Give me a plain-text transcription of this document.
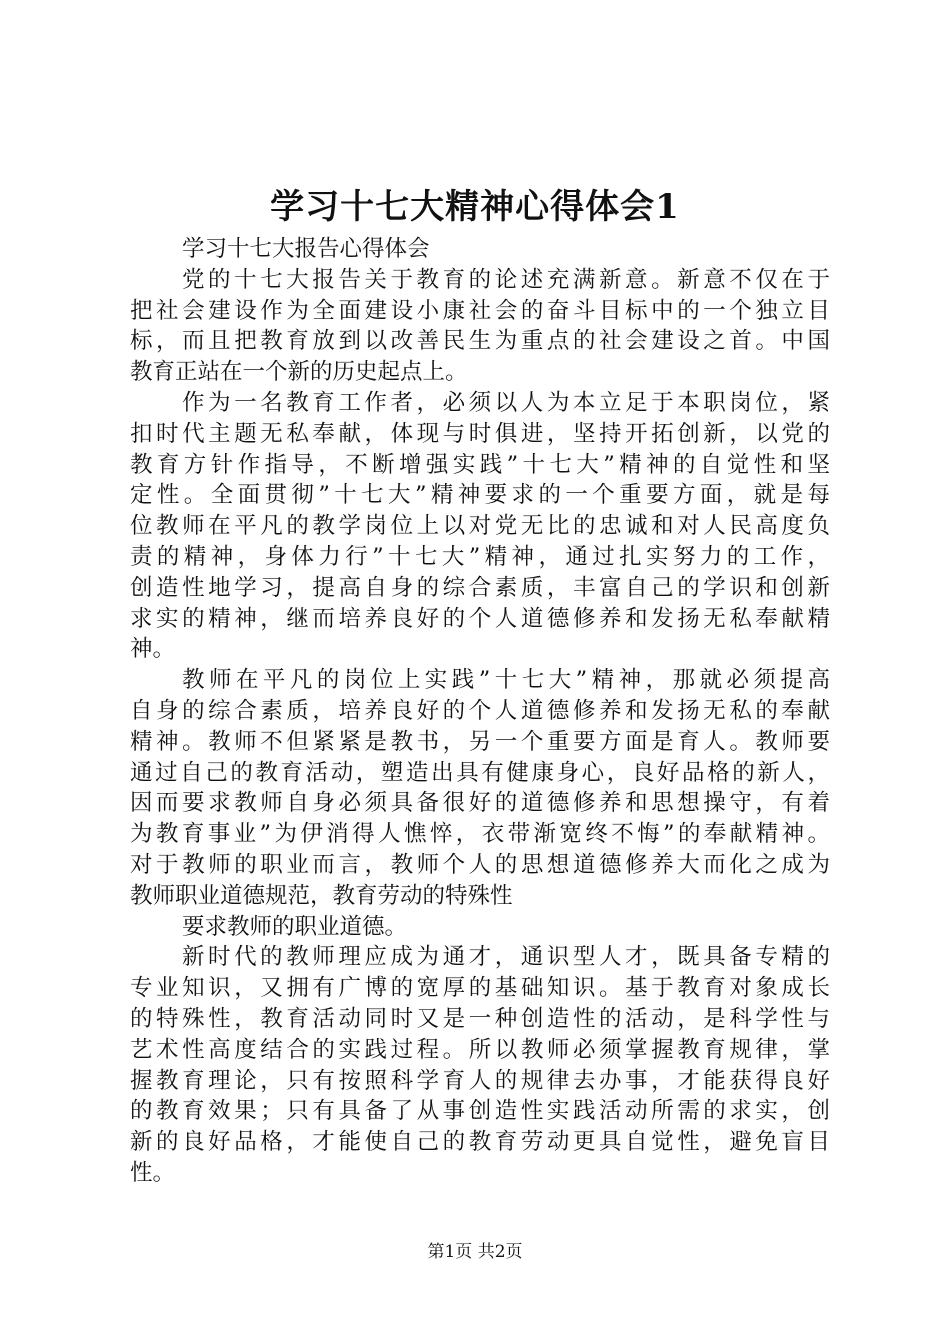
学习十七大精神心得体会1
学习十七大报告心得体会
党的十七大报告关于教育的论述充满新意。新意不仅在于
把社会建设作为全面建设小康社会的奋斗目标中的一个独立目
标，而且把教育放到以改善民生为重点的社会建设之首。中国
教育正站在一个新的历史起点上。
作为一名教育工作者，必须以人为本立足于本职岗位，紧
扣时代主题无私奉献，体现与时俱进，坚持开拓创新，以党的
教育方针作指导，不断增强实践”十七大”精神的自觉性和坚
定性。全面贯彻”十七大”精神要求的一个重要方面，就是每
位教师在平凡的教学岗位上以对党无比的忠诚和对人民高度负
责的精神，身体力行”十七大”精神，通过扎实努力的工作，
创造性地学习，提高自身的综合素质，丰富自己的学识和创新
求实的精神，继而培养良好的个人道德修养和发扬无私奉献精
神。
教师在平凡的岗位上实践”十七大”精神，那就必须提高
自身的综合素质，培养良好的个人道德修养和发扬无私的奉献
精神。教师不但紧紧是教书，另一个重要方面是育人。教师要
通过自己的教育活动，塑造出具有健康身心，良好品格的新人，
因而要求教师自身必须具备很好的道德修养和思想操守，有着
为教育事业”为伊消得人憔悴，衣带渐宽终不悔”的奉献精神。
对于教师的职业而言，教师个人的思想道德修养大而化之成为
教师职业道德规范，教育劳动的特殊性
要求教师的职业道德。
新时代的教师理应成为通才，通识型人才，既具备专精的
专业知识，又拥有广博的宽厚的基础知识。基于教育对象成长
的特殊性，教育活动同时又是一种创造性的活动，是科学性与
艺术性高度结合的实践过程。所以教师必须掌握教育规律，掌
握教育理论，只有按照科学育人的规律去办事，才能获得良好
的教育效果；只有具备了从事创造性实践活动所需的求实，创
新的良好品格，才能使自己的教育劳动更具自觉性，避免盲目
性。
第1页 共2页
